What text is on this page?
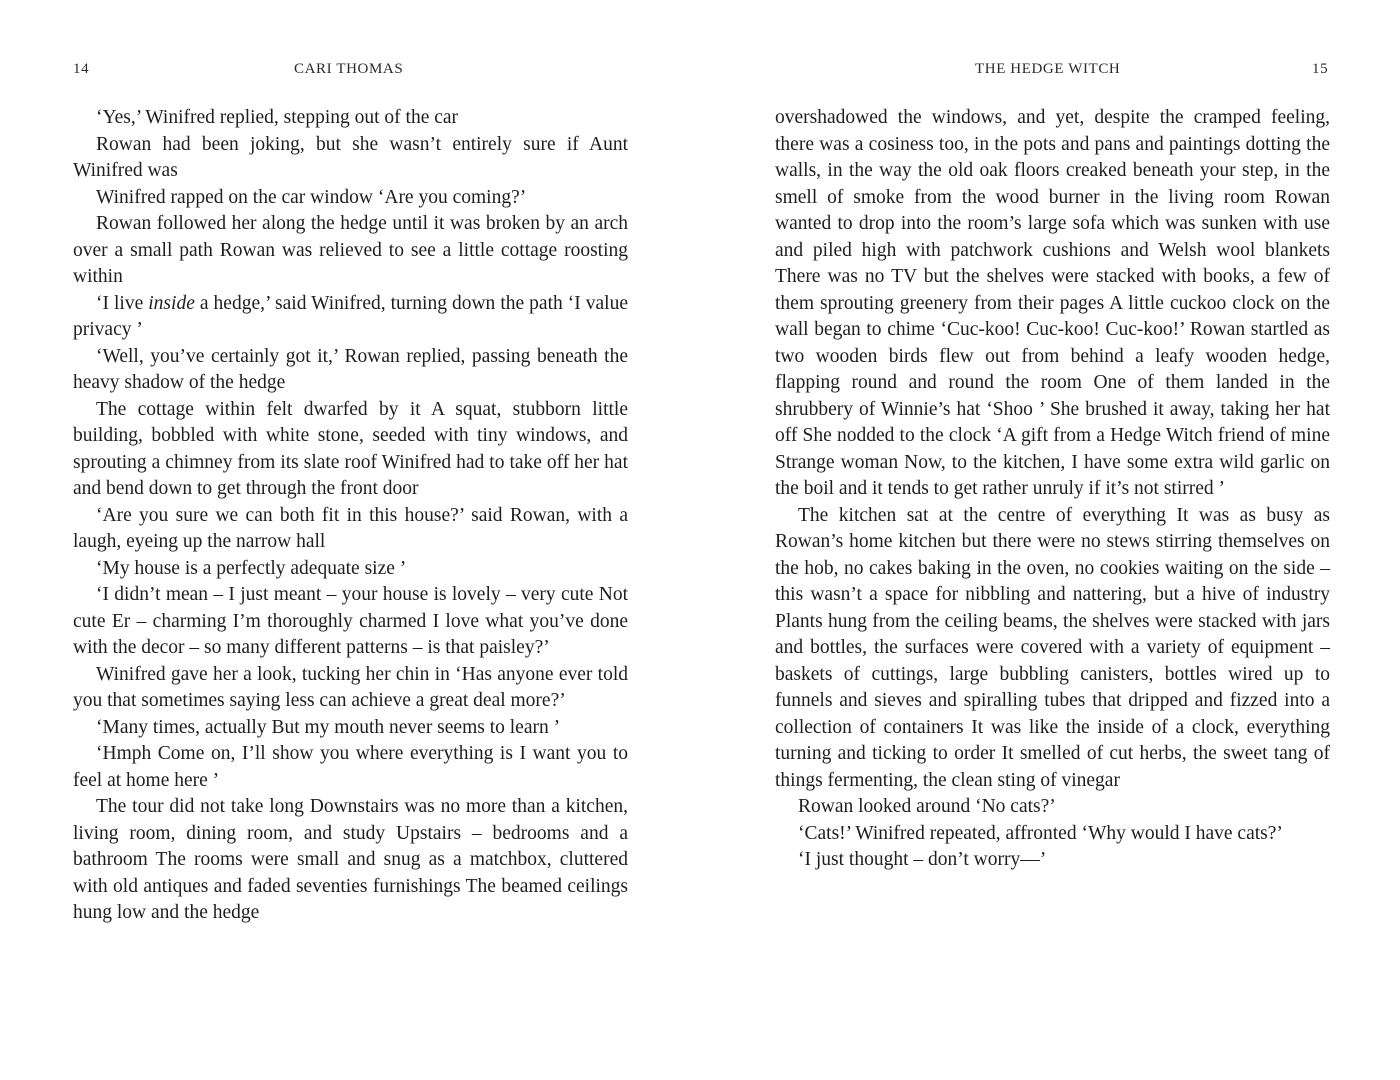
14	CARI THOMAS

‘Yes,’ Winifred replied, stepping out of the car

Rowan had been joking, but she wasn’t entirely sure if Aunt Winifred was

Winifred rapped on the car window ‘Are you coming?’

Rowan followed her along the hedge until it was broken by an arch over a small path Rowan was relieved to see a little cottage roosting within

‘I live inside a hedge,’ said Winifred, turning down the path ‘I value privacy ’

‘Well, you’ve certainly got it,’ Rowan replied, passing beneath the heavy shadow of the hedge

The cottage within felt dwarfed by it A squat, stubborn little building, bobbled with white stone, seeded with tiny windows, and sprouting a chimney from its slate roof Winifred had to take off her hat and bend down to get through the front door

‘Are you sure we can both fit in this house?’ said Rowan, with a laugh, eyeing up the narrow hall

‘My house is a perfectly adequate size ’

‘I didn’t mean – I just meant – your house is lovely – very cute Not cute Er – charming I’m thoroughly charmed I love what you’ve done with the decor – so many different patterns – is that paisley?’

Winifred gave her a look, tucking her chin in ‘Has anyone ever told you that sometimes saying less can achieve a great deal more?’

‘Many times, actually But my mouth never seems to learn ’

‘Hmph Come on, I’ll show you where everything is I want you to feel at home here ’

The tour did not take long Downstairs was no more than a kitchen, living room, dining room, and study Upstairs – bedrooms and a bathroom The rooms were small and snug as a matchbox, cluttered with old antiques and faded seventies furnishings The beamed ceilings hung low and the hedge

THE HEDGE WITCH	15

overshadowed the windows, and yet, despite the cramped feeling, there was a cosiness too, in the pots and pans and paintings dotting the walls, in the way the old oak floors creaked beneath your step, in the smell of smoke from the wood burner in the living room Rowan wanted to drop into the room’s large sofa which was sunken with use and piled high with patchwork cushions and Welsh wool blankets There was no TV but the shelves were stacked with books, a few of them sprouting greenery from their pages A little cuckoo clock on the wall began to chime ‘Cuc-koo! Cuc-koo! Cuc-koo!’ Rowan startled as two wooden birds flew out from behind a leafy wooden hedge, flapping round and round the room One of them landed in the shrubbery of Winnie’s hat ‘Shoo ’ She brushed it away, taking her hat off She nodded to the clock ‘A gift from a Hedge Witch friend of mine Strange woman Now, to the kitchen, I have some extra wild garlic on the boil and it tends to get rather unruly if it’s not stirred ’

The kitchen sat at the centre of everything It was as busy as Rowan’s home kitchen but there were no stews stirring themselves on the hob, no cakes baking in the oven, no cookies waiting on the side – this wasn’t a space for nibbling and nattering, but a hive of industry Plants hung from the ceiling beams, the shelves were stacked with jars and bottles, the surfaces were covered with a variety of equipment – baskets of cuttings, large bubbling canisters, bottles wired up to funnels and sieves and spiralling tubes that dripped and fizzed into a collection of containers It was like the inside of a clock, everything turning and ticking to order It smelled of cut herbs, the sweet tang of things fermenting, the clean sting of vinegar

Rowan looked around ‘No cats?’

‘Cats!’ Winifred repeated, affronted ‘Why would I have cats?’

‘I just thought – don’t worry—’
